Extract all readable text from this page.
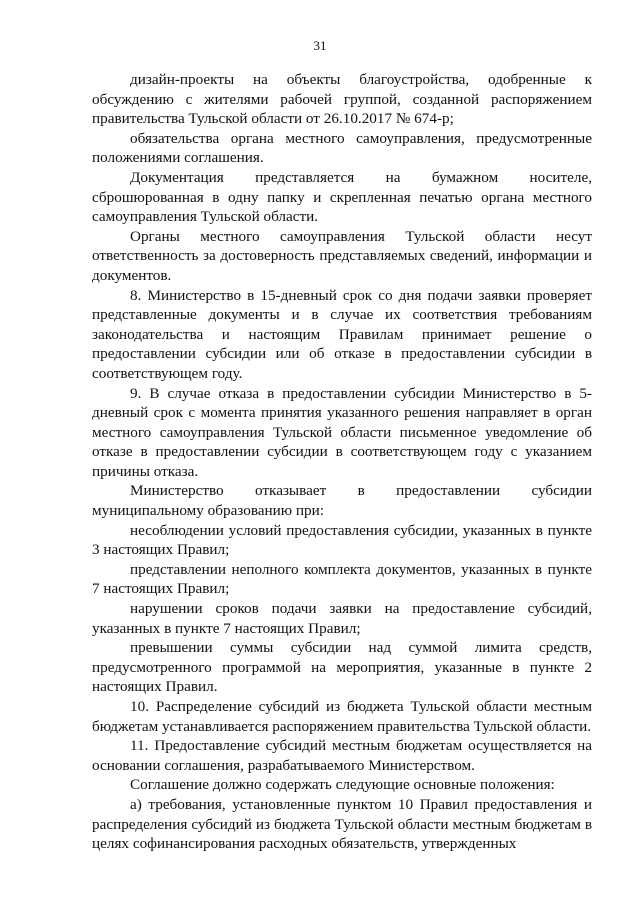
31

дизайн-проекты на объекты благоустройства, одобренные к обсуждению с жителями рабочей группой, созданной распоряжением правительства Тульской области от 26.10.2017 № 674-р;

обязательства органа местного самоуправления, предусмотренные положениями соглашения.

Документация представляется на бумажном носителе, сброшюрованная в одну папку и скрепленная печатью органа местного самоуправления Тульской области.

Органы местного самоуправления Тульской области несут ответственность за достоверность представляемых сведений, информации и документов.

8. Министерство в 15-дневный срок со дня подачи заявки проверяет представленные документы и в случае их соответствия требованиям законодательства и настоящим Правилам принимает решение о предоставлении субсидии или об отказе в предоставлении субсидии в соответствующем году.

9. В случае отказа в предоставлении субсидии Министерство в 5-дневный срок с момента принятия указанного решения направляет в орган местного самоуправления Тульской области письменное уведомление об отказе в предоставлении субсидии в соответствующем году с указанием причины отказа.

Министерство отказывает в предоставлении субсидии муниципальному образованию при:

несоблюдении условий предоставления субсидии, указанных в пункте 3 настоящих Правил;

представлении неполного комплекта документов, указанных в пункте 7 настоящих Правил;

нарушении сроков подачи заявки на предоставление субсидий, указанных в пункте 7 настоящих Правил;

превышении суммы субсидии над суммой лимита средств, предусмотренного программой на мероприятия, указанные в пункте 2 настоящих Правил.

10. Распределение субсидий из бюджета Тульской области местным бюджетам устанавливается распоряжением правительства Тульской области.

11. Предоставление субсидий местным бюджетам осуществляется на основании соглашения, разрабатываемого Министерством.

Соглашение должно содержать следующие основные положения:

а) требования, установленные пунктом 10 Правил предоставления и распределения субсидий из бюджета Тульской области местным бюджетам в целях софинансирования расходных обязательств, утвержденных
